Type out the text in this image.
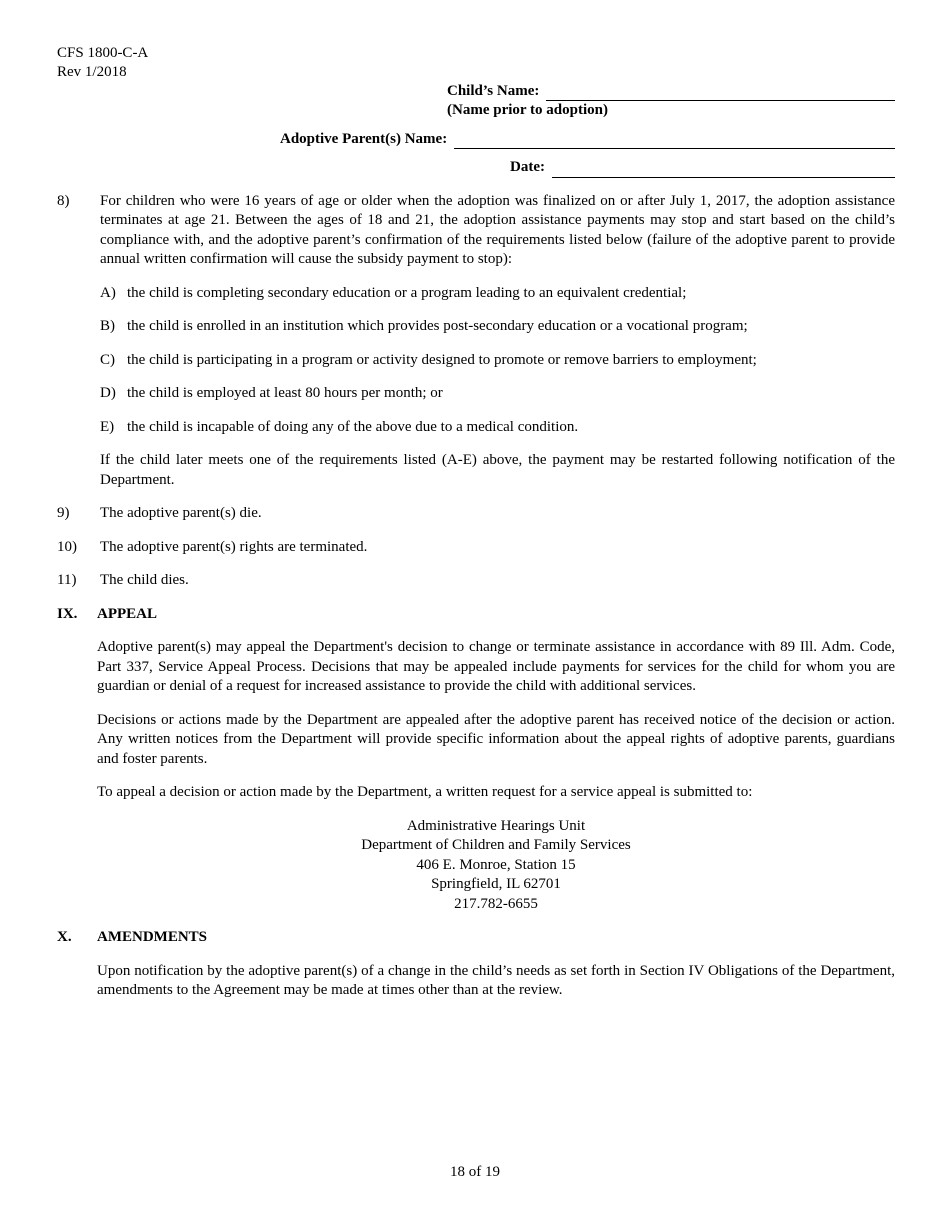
CFS 1800-C-A
Rev 1/2018
Child’s Name:
(Name prior to adoption)
Adoptive Parent(s) Name:
Date:
8)	For children who were 16 years of age or older when the adoption was finalized on or after July 1, 2017, the adoption assistance terminates at age 21. Between the ages of 18 and 21, the adoption assistance payments may stop and start based on the child’s compliance with, and the adoptive parent’s confirmation of the requirements listed below (failure of the adoptive parent to provide annual written confirmation will cause the subsidy payment to stop):

A) the child is completing secondary education or a program leading to an equivalent credential;

B) the child is enrolled in an institution which provides post-secondary education or a vocational program;

C) the child is participating in a program or activity designed to promote or remove barriers to employment;

D) the child is employed at least 80 hours per month; or

E) the child is incapable of doing any of the above due to a medical condition.

If the child later meets one of the requirements listed (A-E) above, the payment may be restarted following notification of the Department.

9)	The adoptive parent(s) die.

10)	The adoptive parent(s) rights are terminated.

11)	The child dies.

IX.	APPEAL

Adoptive parent(s) may appeal the Department's decision to change or terminate assistance in accordance with 89 Ill. Adm. Code, Part 337, Service Appeal Process. Decisions that may be appealed include payments for services for the child for whom you are guardian or denial of a request for increased assistance to provide the child with additional services.

Decisions or actions made by the Department are appealed after the adoptive parent has received notice of the decision or action. Any written notices from the Department will provide specific information about the appeal rights of adoptive parents, guardians and foster parents.

To appeal a decision or action made by the Department, a written request for a service appeal is submitted to:

Administrative Hearings Unit
Department of Children and Family Services
406 E. Monroe, Station 15
Springfield, IL 62701
217.782-6655
X.	AMENDMENTS

Upon notification by the adoptive parent(s) of a change in the child’s needs as set forth in Section IV Obligations of the Department, amendments to the Agreement may be made at times other than at the review.

18 of 19
